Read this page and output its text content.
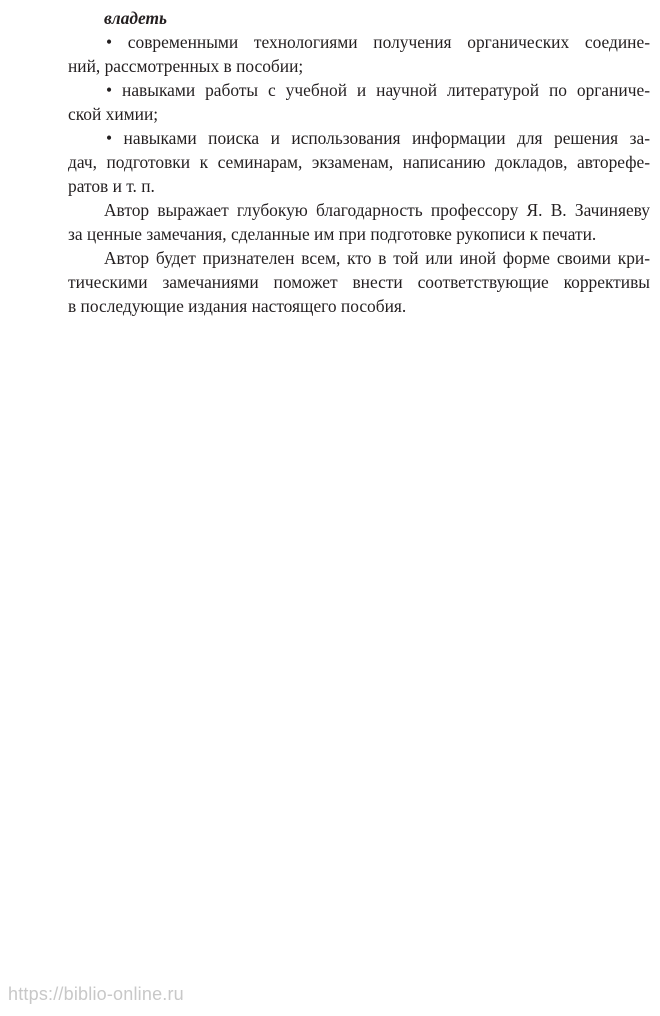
владеть
• современными технологиями получения органических соедине-
ний, рассмотренных в пособии;
• навыками работы с учебной и научной литературой по органиче-
ской химии;
• навыками поиска и использования информации для решения за-
дач, подготовки к семинарам, экзаменам, написанию докладов, авторефе-
ратов и т. п.
Автор выражает глубокую благодарность профессору Я. В. Зачиняеву
за ценные замечания, сделанные им при подготовке рукописи к печати.
Автор будет признателен всем, кто в той или иной форме своими кри-
тическими замечаниями поможет внести соответствующие коррективы
в последующие издания настоящего пособия.
https://biblio-online.ru
